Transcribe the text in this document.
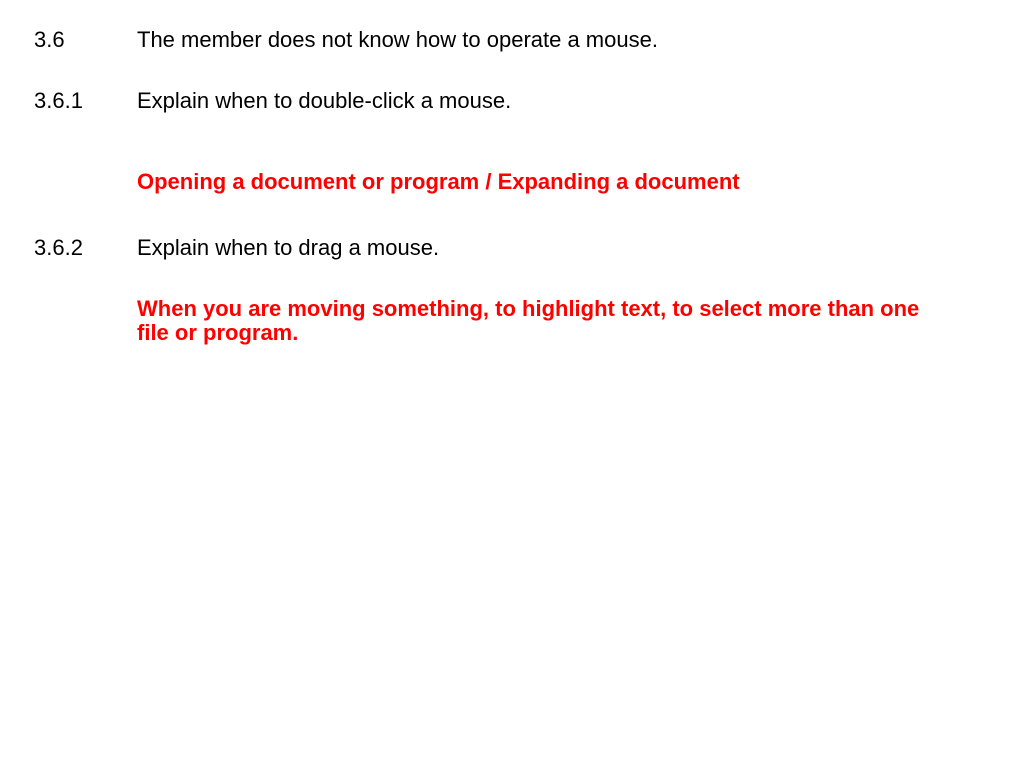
3.6	The member does not know how to operate a mouse.
3.6.1 Explain when to double-click a mouse.
Opening a document or program / Expanding a document
3.6.2 Explain when to drag a mouse.
When you are moving something, to highlight text, to select more than one file or program.
